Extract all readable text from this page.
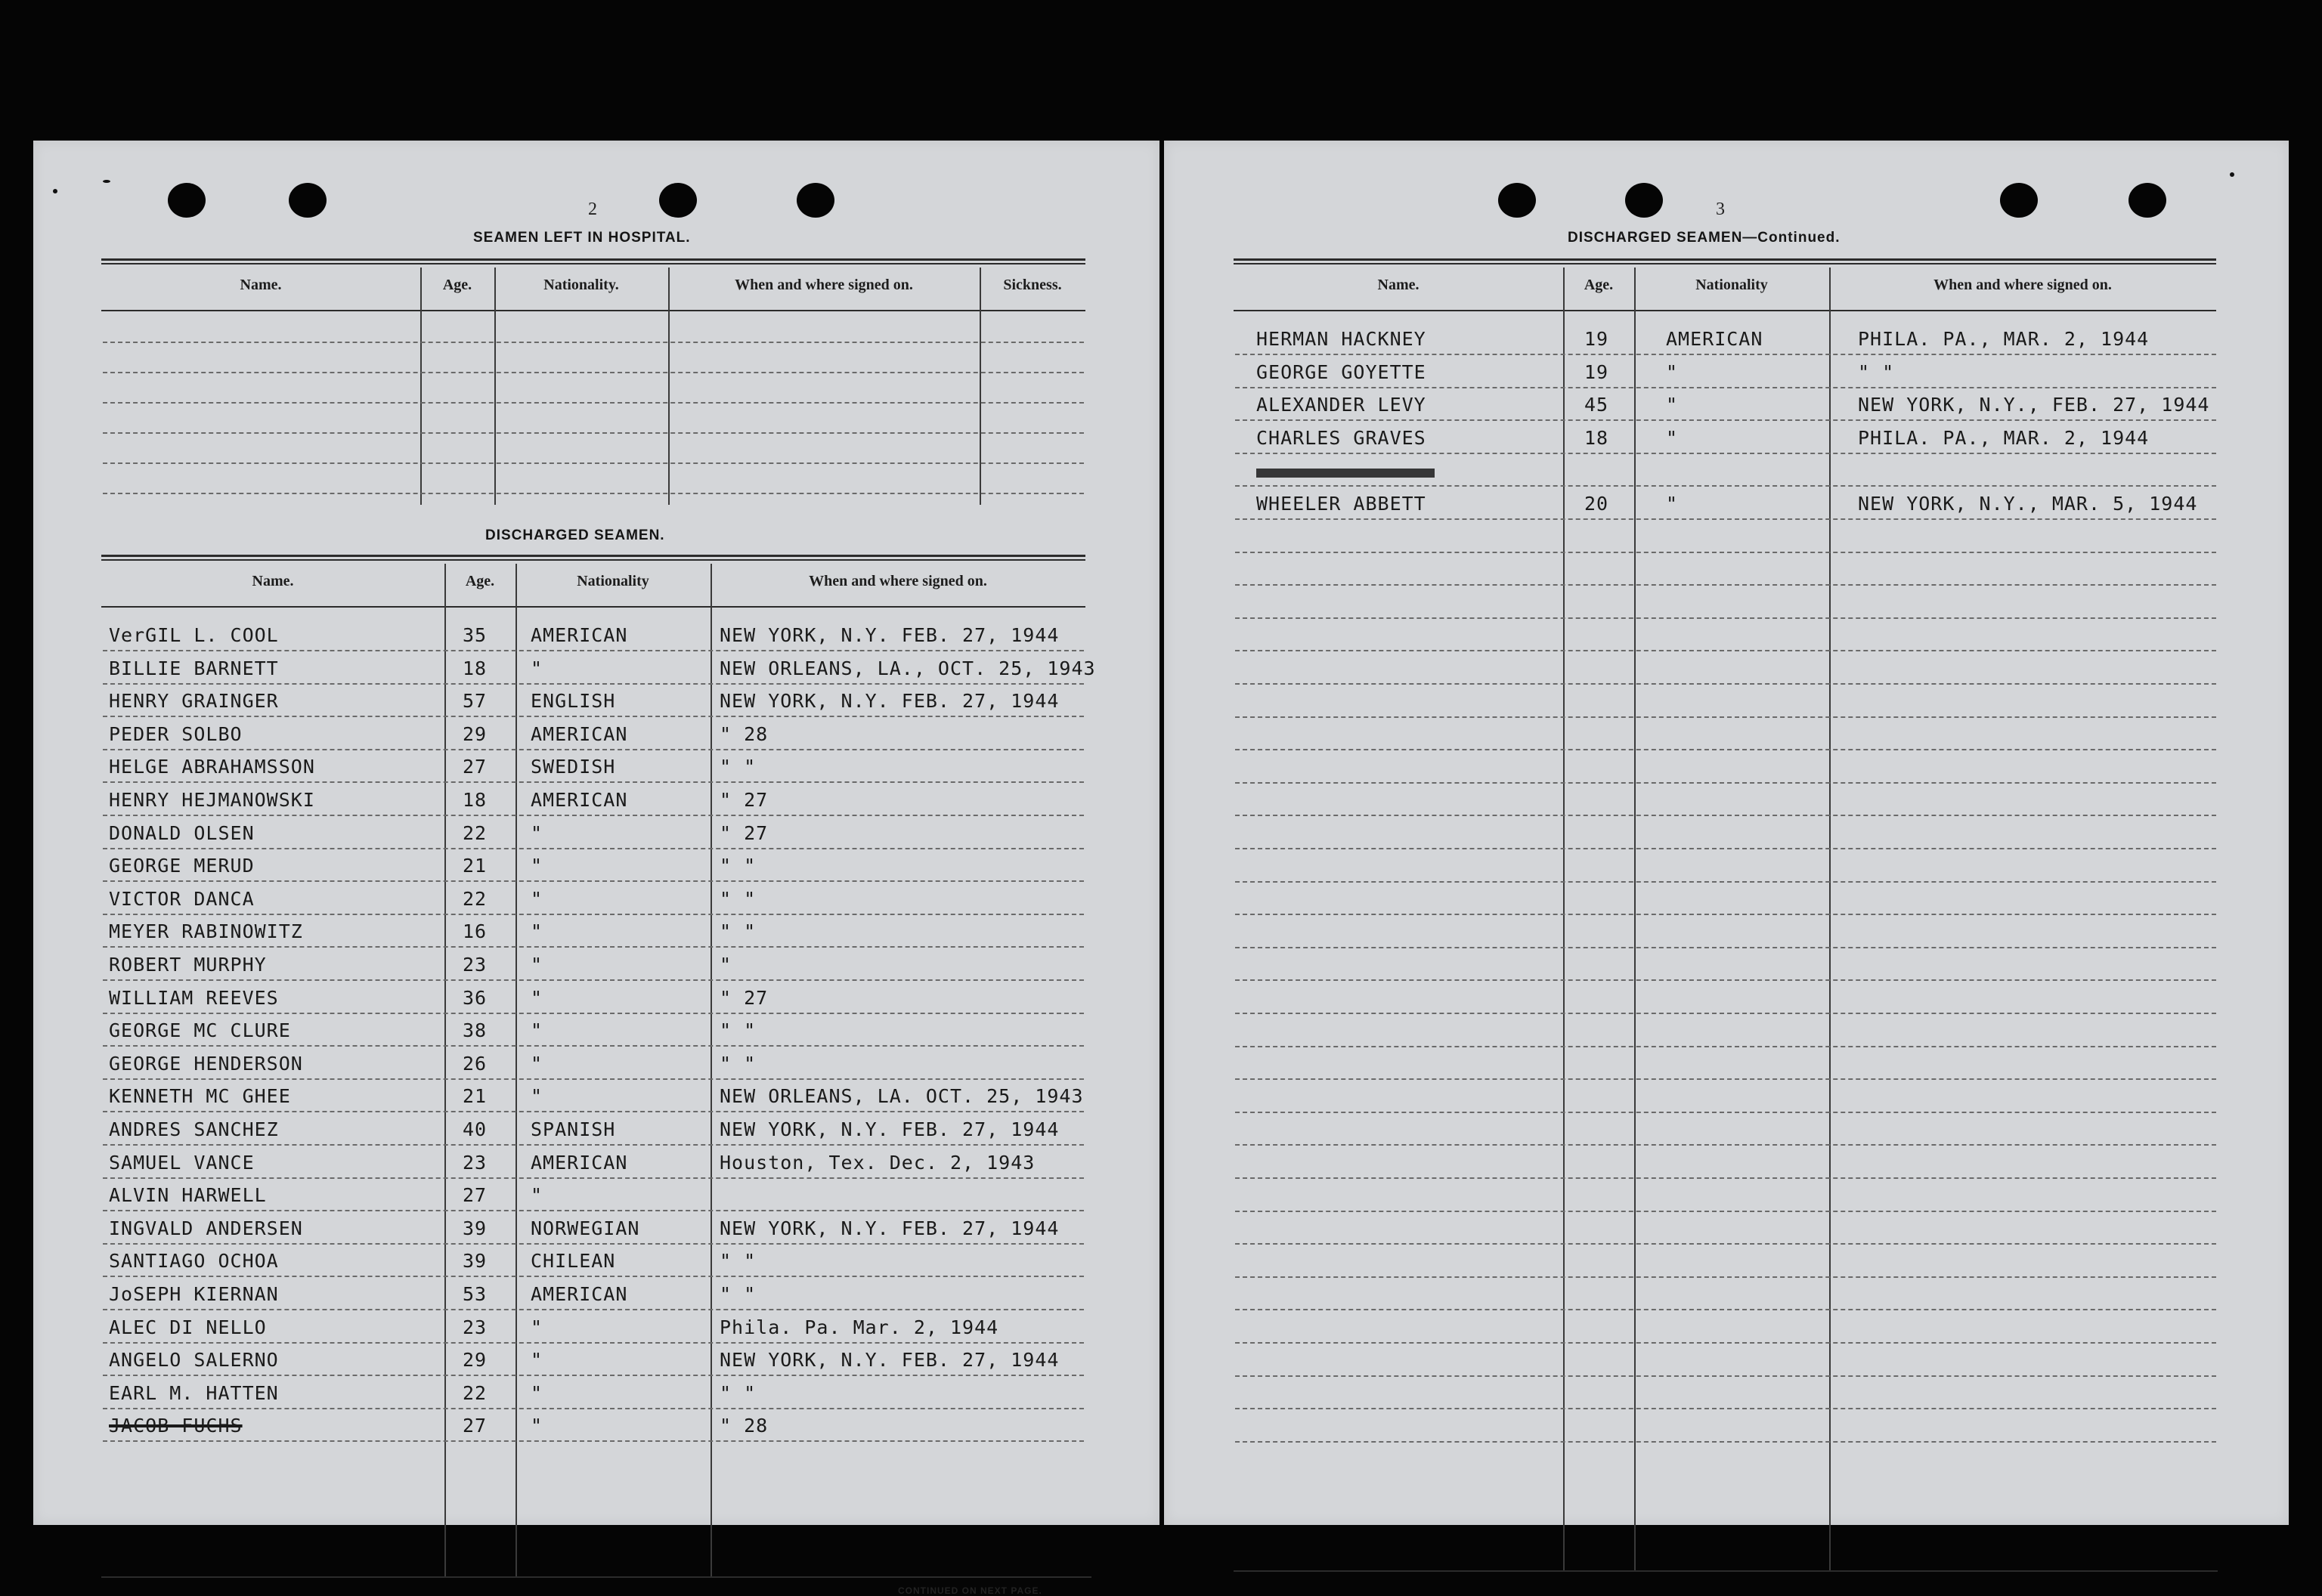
2
SEAMEN LEFT IN HOSPITAL.
Name.	Age.	Nationality.	When and where signed on.	Sickness.
DISCHARGED SEAMEN.
Name.	Age.	Nationality	When and where signed on.
CONTINUED ON NEXT PAGE.
VerGIL L. COOL	35 AMERICAN	NEW YORK, N.Y. FEB. 27, 1944
BILLIE BARNETT	18 "	NEW ORLEANS, LA., OCT. 25, 1943
HENRY GRAINGER	57 ENGLISH	NEW YORK, N.Y. FEB. 27, 1944
PEDER SOLBO	29 AMERICAN	" 28
HELGE ABRAHAMSSON	27 SWEDISH	" "
HENRY HEJMANOWSKI	18 AMERICAN	" 27
DONALD OLSEN	22 "	" 27
GEORGE MERUD	21 "	" "
VICTOR DANCA	22 "	" "
MEYER RABINOWITZ	16 "	" "
ROBERT MURPHY	23 "	"
WILLIAM REEVES	36 "	" 27
GEORGE MC CLURE	38 "	" "
GEORGE HENDERSON	26 "	" "
KENNETH MC GHEE	21 "	NEW ORLEANS, LA. OCT. 25, 1943
ANDRES SANCHEZ	40 SPANISH	NEW YORK, N.Y. FEB. 27, 1944
SAMUEL VANCE	23 AMERICAN	Houston, Tex. Dec. 2, 1943
ALVIN HARWELL	27 "
INGVALD ANDERSEN	39 NORWEGIAN	NEW YORK, N.Y. FEB. 27, 1944
SANTIAGO OCHOA	39 CHILEAN	" "
JoSEPH KIERNAN	53 AMERICAN	" "
ALEC DI NELLO	23 "	Phila. Pa. Mar. 2, 1944
ANGELO SALERNO	29 "	NEW YORK, N.Y. FEB. 27, 1944
EARL M. HATTEN	22 "	" "
JACOB FUCHS	27 "	" 28
3
DISCHARGED SEAMEN—Continued.
Name.	Age.	Nationality	When and where signed on.
HERMAN HACKNEY	19	AMERICAN	PHILA. PA., MAR. 2, 1944
GEORGE GOYETTE	19	"	" "
ALEXANDER LEVY	45	"	NEW YORK, N.Y., FEB. 27, 1944
CHARLES GRAVES	18	"	PHILA. PA., MAR. 2, 1944
WHEELER ABBETT	20	"	NEW YORK, N.Y., MAR. 5, 1944
